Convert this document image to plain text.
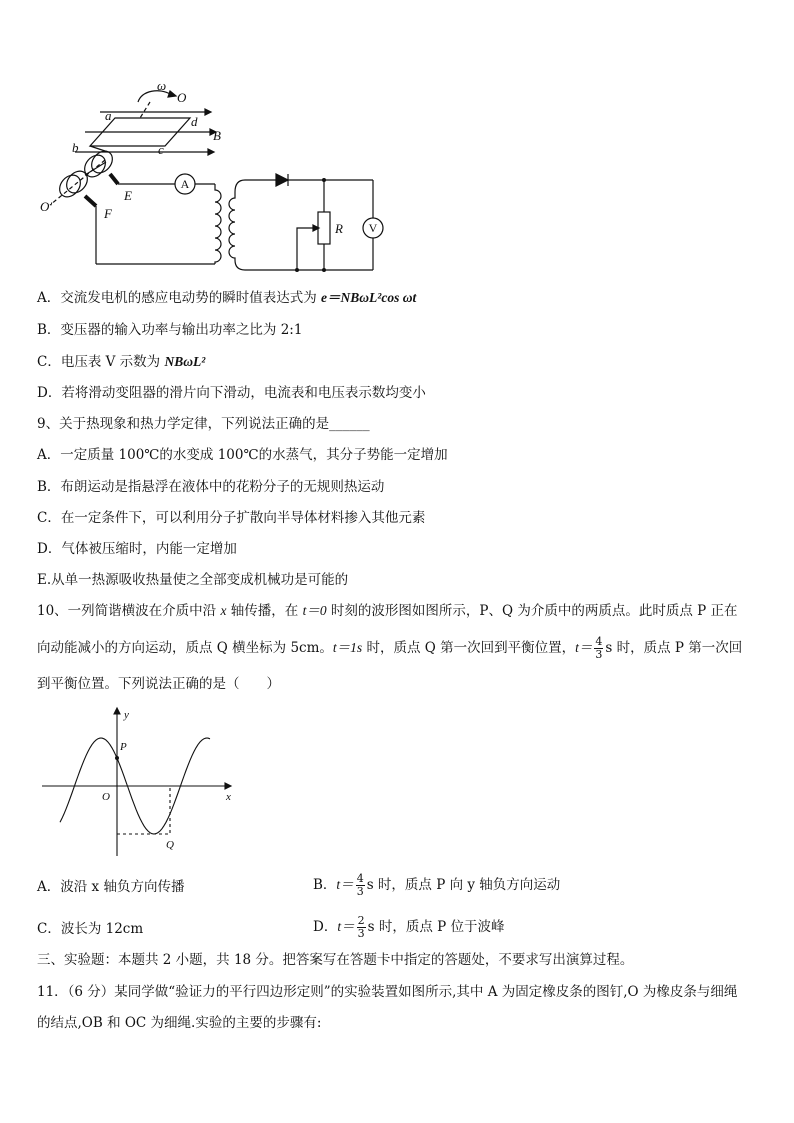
ω
O
a	d
B
b	c
E
O′	F
R
A
V
A．交流发电机的感应电动势的瞬时值表达式为 e＝NBωL²cos ωt
B．变压器的输入功率与输出功率之比为 2:1
C．电压表 V 示数为 NBωL²
D．若将滑动变阻器的滑片向下滑动，电流表和电压表示数均变小
9、关于热现象和热力学定律，下列说法正确的是______
A．一定质量 100℃的水变成 100℃的水蒸气，其分子势能一定增加
B．布朗运动是指悬浮在液体中的花粉分子的无规则热运动
C．在一定条件下，可以利用分子扩散向半导体材料掺入其他元素
D．气体被压缩时，内能一定增加
E.从单一热源吸收热量使之全部变成机械功是可能的
10、一列简谐横波在介质中沿 x 轴传播，在 t＝0 时刻的波形图如图所示，P、Q 为介质中的两质点。此时质点 P 正在
向动能减小的方向运动，质点 Q 横坐标为 5cm。t＝1s 时，质点 Q 第一次回到平衡位置，$t= \frac{4}{3}$ s 时，质点 P 第一次回
到平衡位置。下列说法正确的是（　　）
y
x
O
P
Q
A．波沿 x 轴负方向传播	B．$t= \frac{4}{3}$ s 时，质点 P 向 y 轴负方向运动
C．波长为 12cm	D．$t= \frac{2}{3}$ s 时，质点 P 位于波峰
三、实验题：本题共 2 小题，共 18 分。把答案写在答题卡中指定的答题处，不要求写出演算过程。
11．（6 分）某同学做“验证力的平行四边形定则”的实验装置如图所示,其中 A 为固定橡皮条的图钉,O 为橡皮条与细绳
的结点,OB 和 OC 为细绳.实验的主要的步骤有:
